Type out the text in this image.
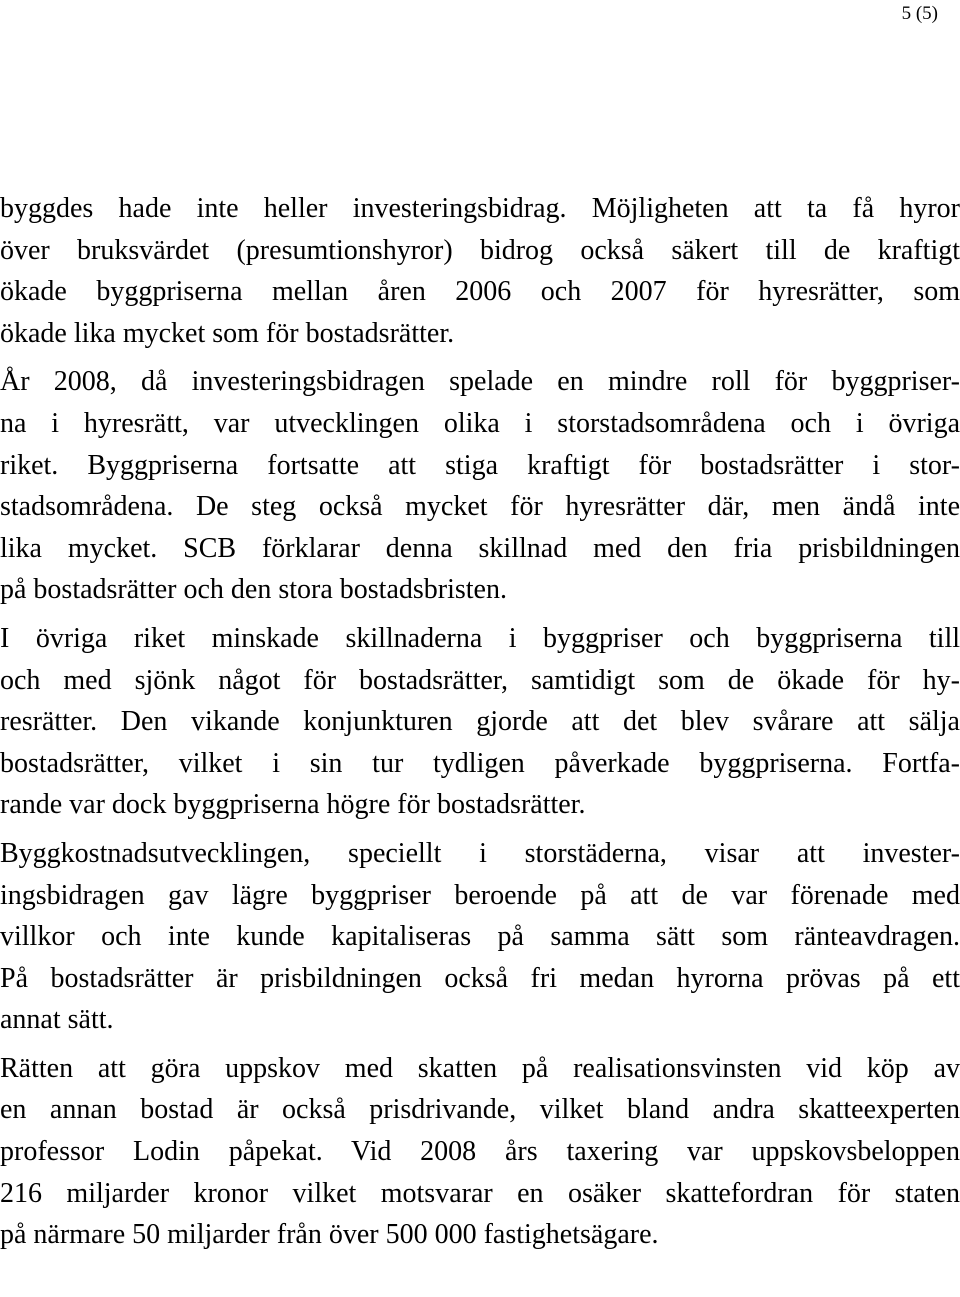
5 (5)
byggdes hade inte heller investeringsbidrag. Möjligheten att ta få hyror
över bruksvärdet (presumtionshyror) bidrog också säkert till de kraftigt
ökade byggpriserna mellan åren 2006 och 2007 för hyresrätter, som
ökade lika mycket som för bostadsrätter.
År 2008, då investeringsbidragen spelade en mindre roll för byggpriser-
na i hyresrätt, var utvecklingen olika i storstadsområdena och i övriga
riket. Byggpriserna fortsatte att stiga kraftigt för bostadsrätter i stor-
stadsområdena. De steg också mycket för hyresrätter där, men ändå inte
lika mycket. SCB förklarar denna skillnad med den fria prisbildningen
på bostadsrätter och den stora bostadsbristen.
I övriga riket minskade skillnaderna i byggpriser och byggpriserna till
och med sjönk något för bostadsrätter, samtidigt som de ökade för hy-
resrätter. Den vikande konjunkturen gjorde att det blev svårare att sälja
bostadsrätter, vilket i sin tur tydligen påverkade byggpriserna. Fortfa-
rande var dock byggpriserna högre för bostadsrätter.
Byggkostnadsutvecklingen, speciellt i storstäderna, visar att invester-
ingsbidragen gav lägre byggpriser beroende på att de var förenade med
villkor och inte kunde kapitaliseras på samma sätt som ränteavdragen.
På bostadsrätter är prisbildningen också fri medan hyrorna prövas på ett
annat sätt.
Rätten att göra uppskov med skatten på realisationsvinsten vid köp av
en annan bostad är också prisdrivande, vilket bland andra skatteexperten
professor Lodin påpekat. Vid 2008 års taxering var uppskovsbeloppen
216 miljarder kronor vilket motsvarar en osäker skattefordran för staten
på närmare 50 miljarder från över 500 000 fastighetsägare.
